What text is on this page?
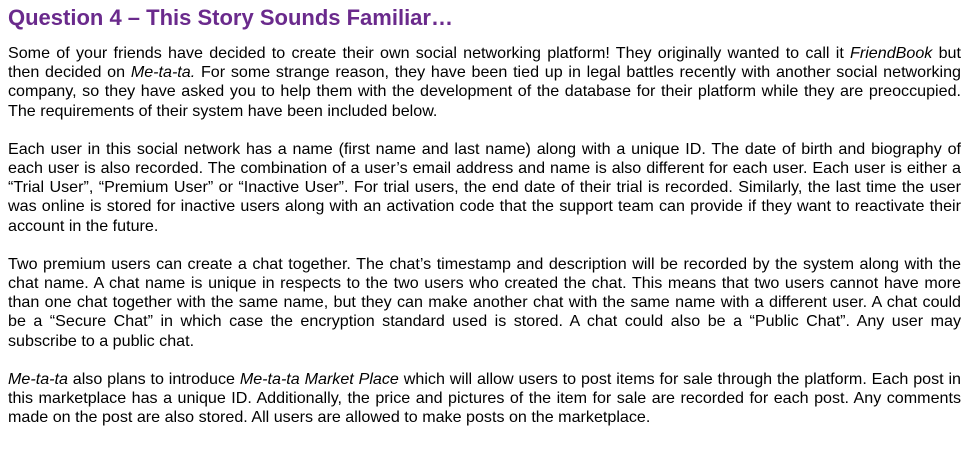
Question 4 – This Story Sounds Familiar…

Some of your friends have decided to create their own social networking platform! They originally wanted to call it FriendBook but then decided on Me-ta-ta. For some strange reason, they have been tied up in legal battles recently with another social networking company, so they have asked you to help them with the development of the database for their platform while they are preoccupied. The requirements of their system have been included below.

Each user in this social network has a name (first name and last name) along with a unique ID. The date of birth and biography of each user is also recorded. The combination of a user’s email address and name is also different for each user. Each user is either a “Trial User”, “Premium User” or “Inactive User”. For trial users, the end date of their trial is recorded. Similarly, the last time the user was online is stored for inactive users along with an activation code that the support team can provide if they want to reactivate their account in the future.

Two premium users can create a chat together. The chat’s timestamp and description will be recorded by the system along with the chat name. A chat name is unique in respects to the two users who created the chat. This means that two users cannot have more than one chat together with the same name, but they can make another chat with the same name with a different user. A chat could be a “Secure Chat” in which case the encryption standard used is stored. A chat could also be a “Public Chat”. Any user may subscribe to a public chat.

Me-ta-ta also plans to introduce Me-ta-ta Market Place which will allow users to post items for sale through the platform. Each post in this marketplace has a unique ID. Additionally, the price and pictures of the item for sale are recorded for each post. Any comments made on the post are also stored. All users are allowed to make posts on the marketplace.
